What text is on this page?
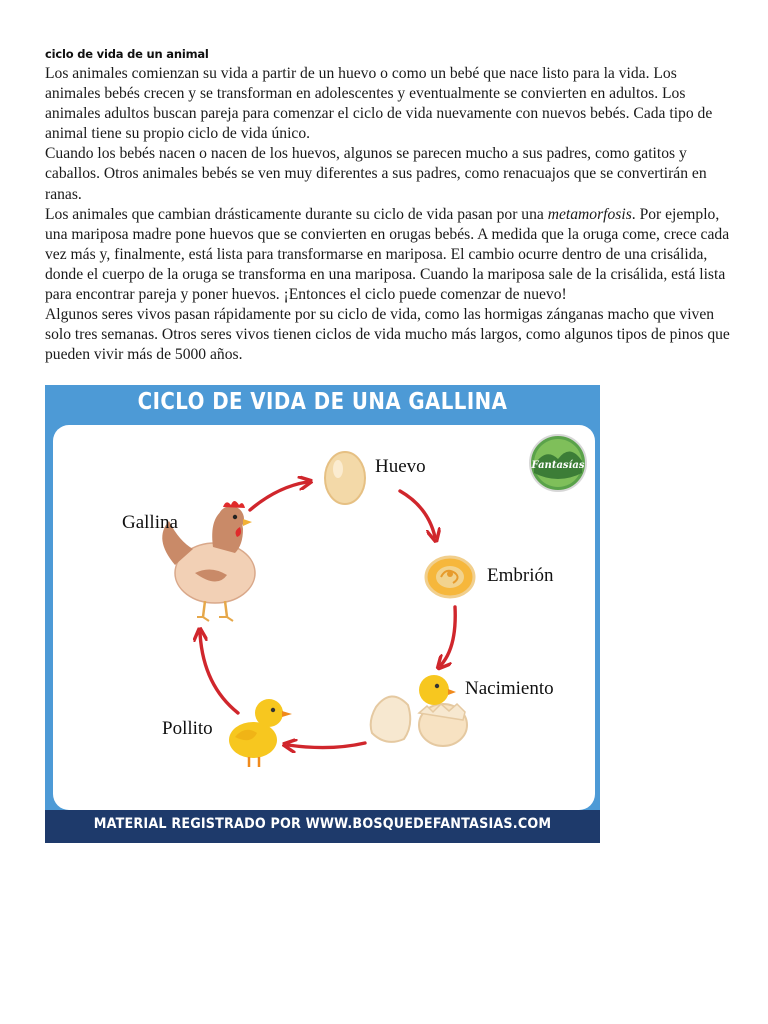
ciclo de vida de un animal

Los animales comienzan su vida a partir de un huevo o como un bebé que nace listo para la vida. Los animales bebés crecen y se transforman en adolescentes y eventualmente se convierten en adultos. Los animales adultos buscan pareja para comenzar el ciclo de vida nuevamente con nuevos bebés. Cada tipo de animal tiene su propio ciclo de vida único.

Cuando los bebés nacen o nacen de los huevos, algunos se parecen mucho a sus padres, como gatitos y caballos. Otros animales bebés se ven muy diferentes a sus padres, como renacuajos que se convertirán en ranas.

Los animales que cambian drásticamente durante su ciclo de vida pasan por una metamorfosis. Por ejemplo, una mariposa madre pone huevos que se convierten en orugas bebés. A medida que la oruga come, crece cada vez más y, finalmente, está lista para transformarse en mariposa. El cambio ocurre dentro de una crisálida, donde el cuerpo de la oruga se transforma en una mariposa. Cuando la mariposa sale de la crisálida, está lista para encontrar pareja y poner huevos. ¡Entonces el ciclo puede comenzar de nuevo!

Algunos seres vivos pasan rápidamente por su ciclo de vida, como las hormigas zánganas macho que viven solo tres semanas. Otros seres vivos tienen ciclos de vida mucho más largos, como algunos tipos de pinos que pueden vivir más de 5000 años.

CICLO DE VIDA DE UNA GALLINA
Fantasías
Huevo
Embrión
Nacimiento
Pollito
Gallina
MATERIAL REGISTRADO POR WWW.BOSQUEDEFANTASIAS.COM
